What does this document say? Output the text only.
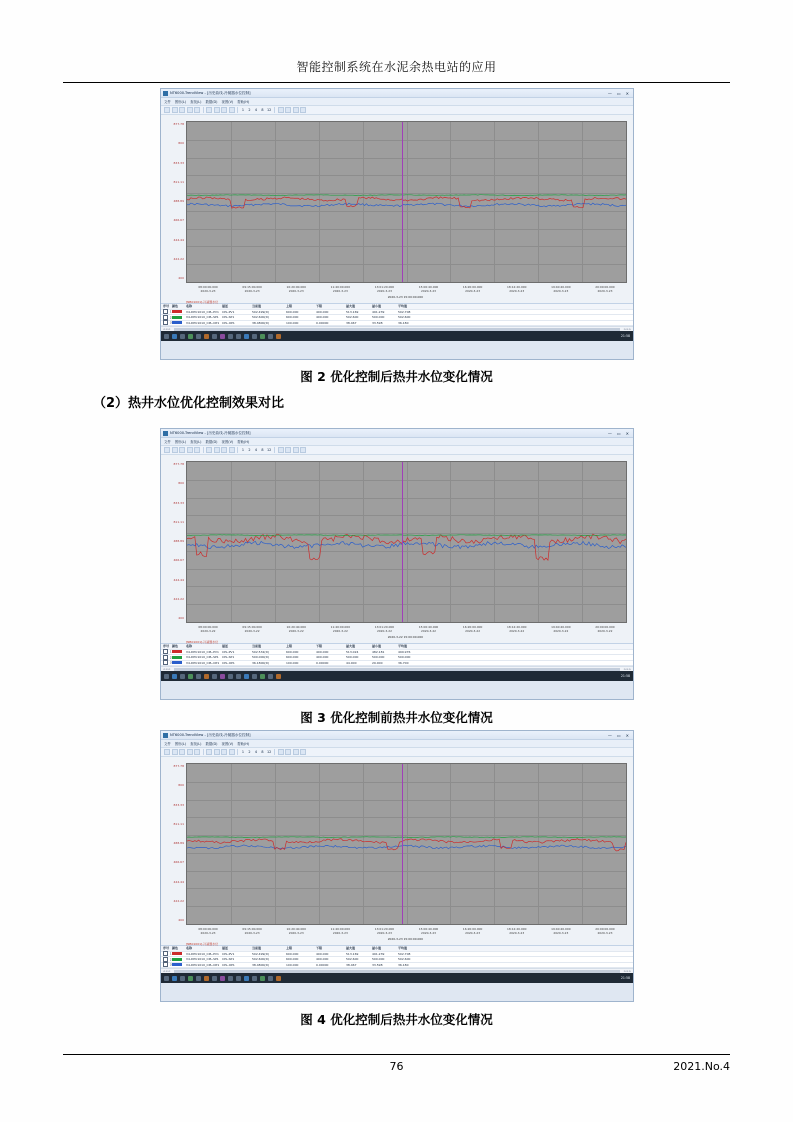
智能控制系统在水泥余热电站的应用
NT6000-TrendView - [历史曲线-冷凝器水位控制]	— ▭ ✕
文件 图形(L) 查找(L) 数据(D) 视图(V) 帮助(H)
1	2	4	8	12
877.78
800
833.33
811.11
488.89
466.67
444.44
422.22
400
08:00:00.000
2020-3-23
09:15:00.000
2020-3-23
10:20:00.000
2020-3-23
11:40:00.000
2020-3-23
13:01:20.000
2020-3-23
15:00:40.000
2020-3-23
16:20:00.000
2020-3-23
18:12:20.000
2020-3-23
19:40:40.000
2020-3-23
20:00:00.000
2020-3-23
2020-3-23 15:00:00.000
[NB01001]-冷凝器水位
序号 颜色	名称	描述	当前值	上限	下限	最大值	最小值	平均值
1	V4-DPU1010_CPL-PV1	CPL-PV1	502.499(D)	600.000	400.000	513.169	491.239	502.708
2	V4-DPU1010_CPL-SP1	CPL-SP1	502.600(D)	600.000	400.000	502.600	500.000	502.600
3	V4-DPU1010_CPL-OP1 CPL-OP1	38.4800(D)	100.000	0.00000	38.467	33.598	36.180
<< <	> >>
21:58
图 2 优化控制后热井水位变化情况
（2）热井水位优化控制效果对比
NT6000-TrendView - [历史曲线-冷凝器水位控制]	— ▭ ✕
文件 图形(L) 查找(L) 数据(D) 视图(V) 帮助(H)
1	2	4	8	12
877.78
800
833.33
811.11
488.89
466.67
444.44
422.22
400
08:00:00.000
2020-3-22
09:15:00.000
2020-3-22
10:20:40.000
2020-3-22
11:40:00.000
2020-3-22
13:01:20.000
2020-3-22
15:00:40.000
2020-3-22
16:20:00.000
2020-3-22
18:12:20.000
2020-3-22
19:40:40.000
2020-3-22
20:00:00.000
2020-3-22
2020-3-22 15:00:00.000
[NB01001]-冷凝器水位
序号 颜色	名称	描述	当前值	上限	下限	最大值	最小值	平均值
1	V4-DPU1010_CPL-PV1	CPL-PV1	502.532(D)	600.000	400.000	513.024	482.181	499.976
2	V4-DPU1010_CPL-SP1	CPL-SP1	500.000(D)	600.000	400.000	500.000	500.000	500.000
3	V4-DPU1010_CPL-OP1 CPL-OP1	36.1800(D)	100.000	0.00000	44.000	29.000	36.700
<< <	> >>
21:58
图 3 优化控制前热井水位变化情况
NT6000-TrendView - [历史曲线-冷凝器水位控制]	— ▭ ✕
文件 图形(L) 查找(L) 数据(D) 视图(V) 帮助(H)
1	2	4	8	12
877.78
800
833.33
811.11
488.89
466.67
444.44
422.22
400
08:00:00.000
2020-3-23
09:15:00.000
2020-3-23
10:20:40.000
2020-3-23
11:40:00.000
2020-3-23
13:01:20.000
2020-3-23
15:00:40.000
2020-3-23
16:20:00.000
2020-3-23
18:12:20.000
2020-3-23
19:40:40.000
2020-3-23
20:00:00.000
2020-3-23
2020-3-23 15:00:00.000
[NB01001]-冷凝器水位
序号 颜色	名称	描述	当前值	上限	下限	最大值	最小值	平均值
1	V4-DPU1010_CPL-PV1	CPL-PV1	502.499(D)	600.000	400.000	513.169	491.239	502.708
2	V4-DPU1010_CPL-SP1	CPL-SP1	502.600(D)	600.000	400.000	502.600	500.000	502.600
3	V4-DPU1010_CPL-OP1 CPL-OP1	38.4800(D)	100.000	0.00000	38.467	33.598	36.180
<< <	> >>
21:58
图 4 优化控制后热井水位变化情况
76	2021.No.4
